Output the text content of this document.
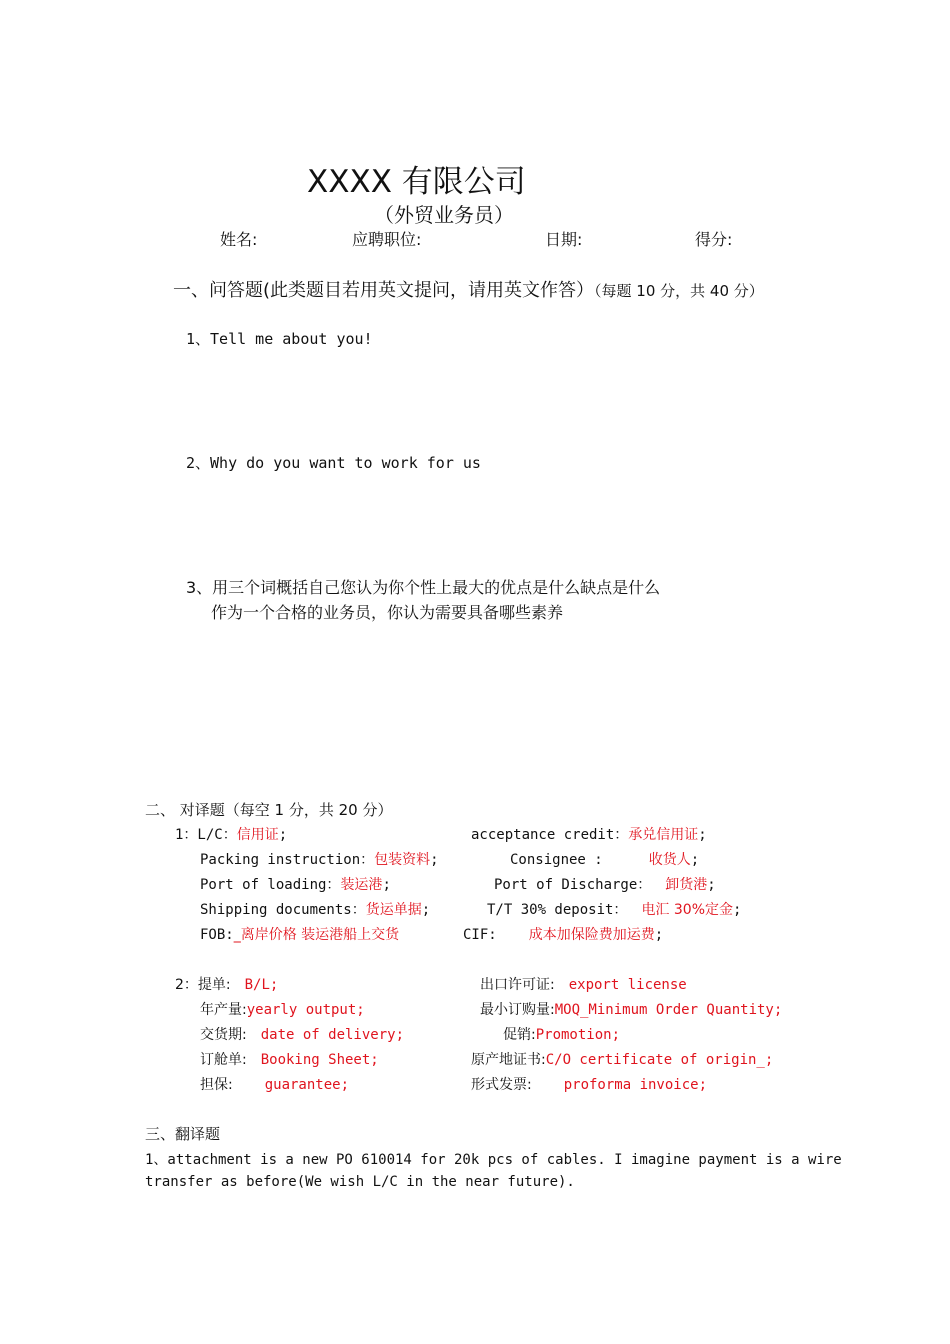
XXXX 有限公司
（外贸业务员）
姓名:	应聘职位:	日期:	得分:
一、问答题(此类题目若用英文提问，请用英文作答）（每题 10 分，共 40 分）
1、Tell me about you!
2、Why do you want to work for us
3、用三个词概括自己您认为你个性上最大的优点是什么缺点是什么
作为一个合格的业务员，你认为需要具备哪些素养
二、 对译题（每空 1 分，共 20 分）
1：L/C：信用证;	acceptance credit：承兑信用证;
Packing instruction：包装资料;	Consignee :	收货人;
Port of loading：装运港;	Port of Discharge： 卸货港;
Shipping documents：货运单据;	T/T 30% deposit： 电汇 30%定金;
FOB:_离岸价格 装运港船上交货	CIF: 成本加保险费加运费;
2：提单: B/L;	出口许可证: export license
年产量:yearly output;	最小订购量:MOQ_Minimum Order Quantity;
交货期: date of delivery;	促销:Promotion;
订舱单: Booking Sheet;	原产地证书:C/O certificate of origin_;
担保: guarantee;	形式发票: proforma invoice;
三、翻译题
1、attachment is a new PO 610014 for 20k pcs of cables. I imagine payment is a wire
transfer as before(We wish L/C in the near future).
